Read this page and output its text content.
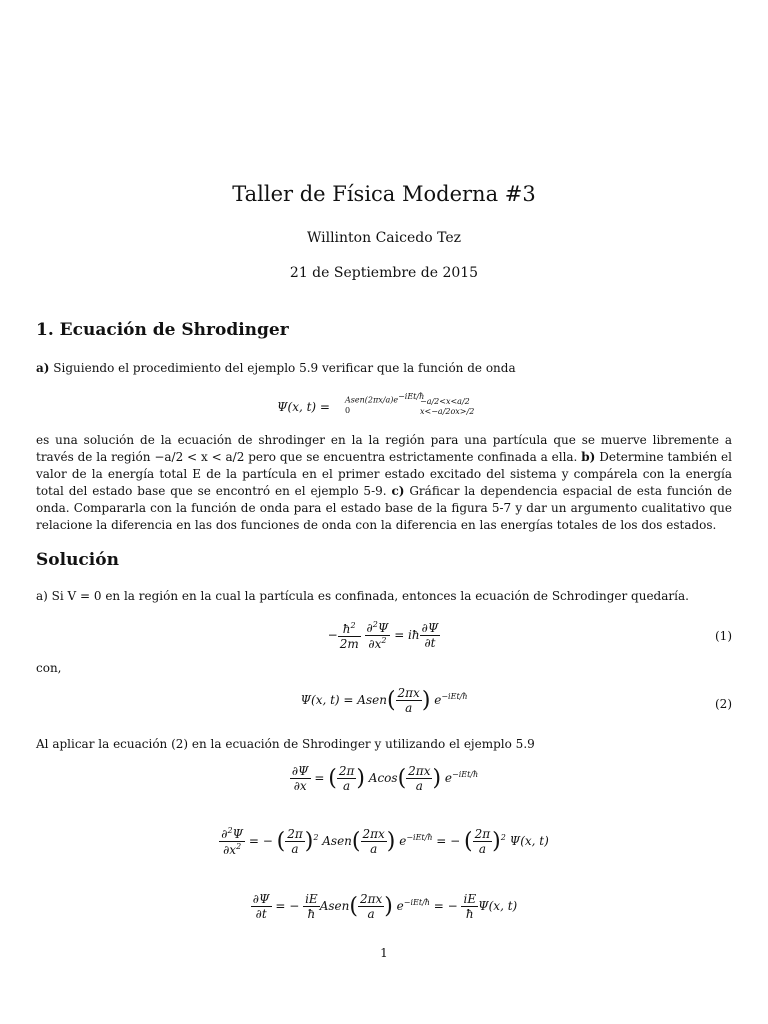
Taller de Física Moderna #3
Willinton Caicedo Tez
21 de Septiembre de 2015
1. Ecuación de Shrodinger
a) Siguiendo el procedimiento del ejemplo 5.9 verificar que la función de onda
Ψ(x, $t) = Asen(2\pi x/a)e^{-iEt/ħ}$
0
−a/2<x<a/2
x<−a/2ox>/2
es una solución de la ecuación de shrodinger en la la región para una partícula que se muerve libremente a través de la región −a/2 < x < a/2 pero que se encuentra estrictamente confinada a ella. b) Determine también el valor de la energía total E de la partícula en el primer estado excitado del sistema y compárela con la energía total del estado base que se encontró en el ejemplo 5-9. c) Gráficar la dependencia espacial de esta función de onda. Compararla con la función de onda para el estado base de la figura 5-7 y dar un argumento cualitativo que relacione la diferencia en las dos funciones de onda con la diferencia en las energías totales de los dos estados.
Solución
a) Si V = 0 en la región en la cual la partícula es confinada, entonces la ecuación de Schrodinger quedaría.
− $\frac{ħ^2}{2m}$
$\frac{\partial^2\Psi}{\partial x^2}$ = iħ $\frac{\partial\Psi}{\partial t}$	(1)
con,
Ψ(x, t) = Asen( $\frac{2\pi x}{a}$ ) $e^{-iEt/ħ}$
(2)
Al aplicar la ecuación (2) en la ecuación de Shrodinger y utilizando el ejemplo 5.9
$\frac{\partial\Psi}{\partial x}$ = ( $\frac{2\pi}{a}$ ) $Acos( \frac{2\pi x}{a}$ ) $e^{-iEt/ħ}$
$\frac{\partial^2\Psi}{\partial x^2}$ = − ( $\frac{2\pi}{a} )^2$ Asen( $\frac{2\pi x}{a}$ ) $e^{-iEt/ħ}$ = − ( $\frac{2\pi}{a} )^2$ Ψ(x, t)
$\frac{\partial\Psi}{\partial t}$ = − $\frac{iE}{ħ}$ Asen( $\frac{2\pi x}{a}$ ) $e^{-iEt/ħ}$ = − $\frac{iE}{ħ} \Psi(x$, t)
1
